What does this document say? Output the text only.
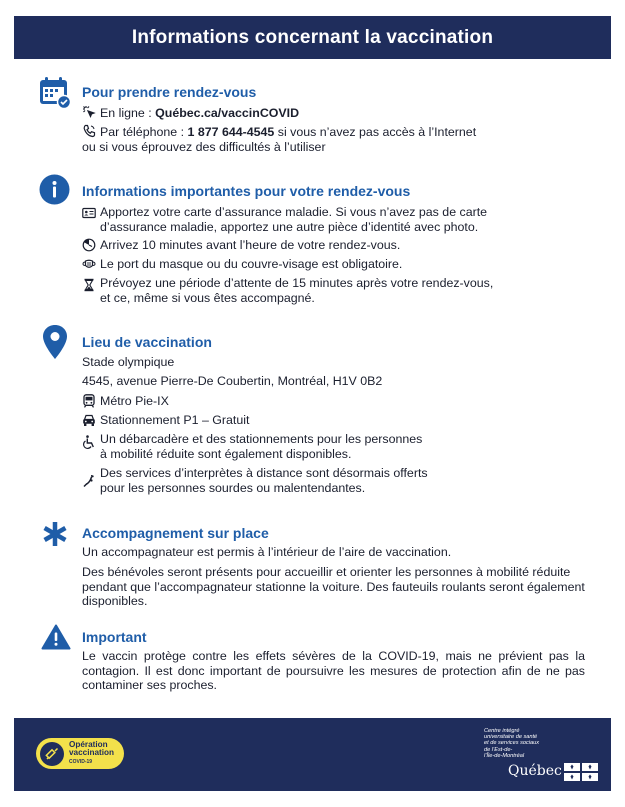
Informations concernant la vaccination
Pour prendre rendez-vous
En ligne : Québec.ca/vaccinCOVID
Par téléphone : 1 877 644-4545 si vous n’avez pas accès à l’Internet
ou si vous éprouvez des difficultés à l’utiliser
Informations importantes pour votre rendez-vous
Apportez votre carte d’assurance maladie. Si vous n’avez pas de carte
d’assurance maladie, apportez une autre pièce d’identité avec photo.
Arrivez 10 minutes avant l’heure de votre rendez-vous.
Le port du masque ou du couvre-visage est obligatoire.
Prévoyez une période d’attente de 15 minutes après votre rendez-vous,
et ce, même si vous êtes accompagné.
Lieu de vaccination
Stade olympique
4545, avenue Pierre-De Coubertin, Montréal, H1V 0B2
Métro Pie-IX
Stationnement P1 – Gratuit
Un débarcadère et des stationnements pour les personnes
à mobilité réduite sont également disponibles.
Des services d’interprètes à distance sont désormais offerts
pour les personnes sourdes ou malentendantes.
Accompagnement sur place
Un accompagnateur est permis à l’intérieur de l’aire de vaccination.
Des bénévoles seront présents pour accueillir et orienter les personnes à mobilité réduite pendant que l’accompagnateur stationne la voiture. Des fauteuils roulants seront également disponibles.
Important
Le vaccin protège contre les effets sévères de la COVID-19, mais ne prévient pas la contagion. Il est donc important de poursuivre les mesures de protection afin de ne pas contaminer ses proches.
Opération
vaccination
COVID-19
Centre intégré
universitaire de santé
et de services sociaux
de l’Est-de-
l’Île-de-Montréal
Québec
